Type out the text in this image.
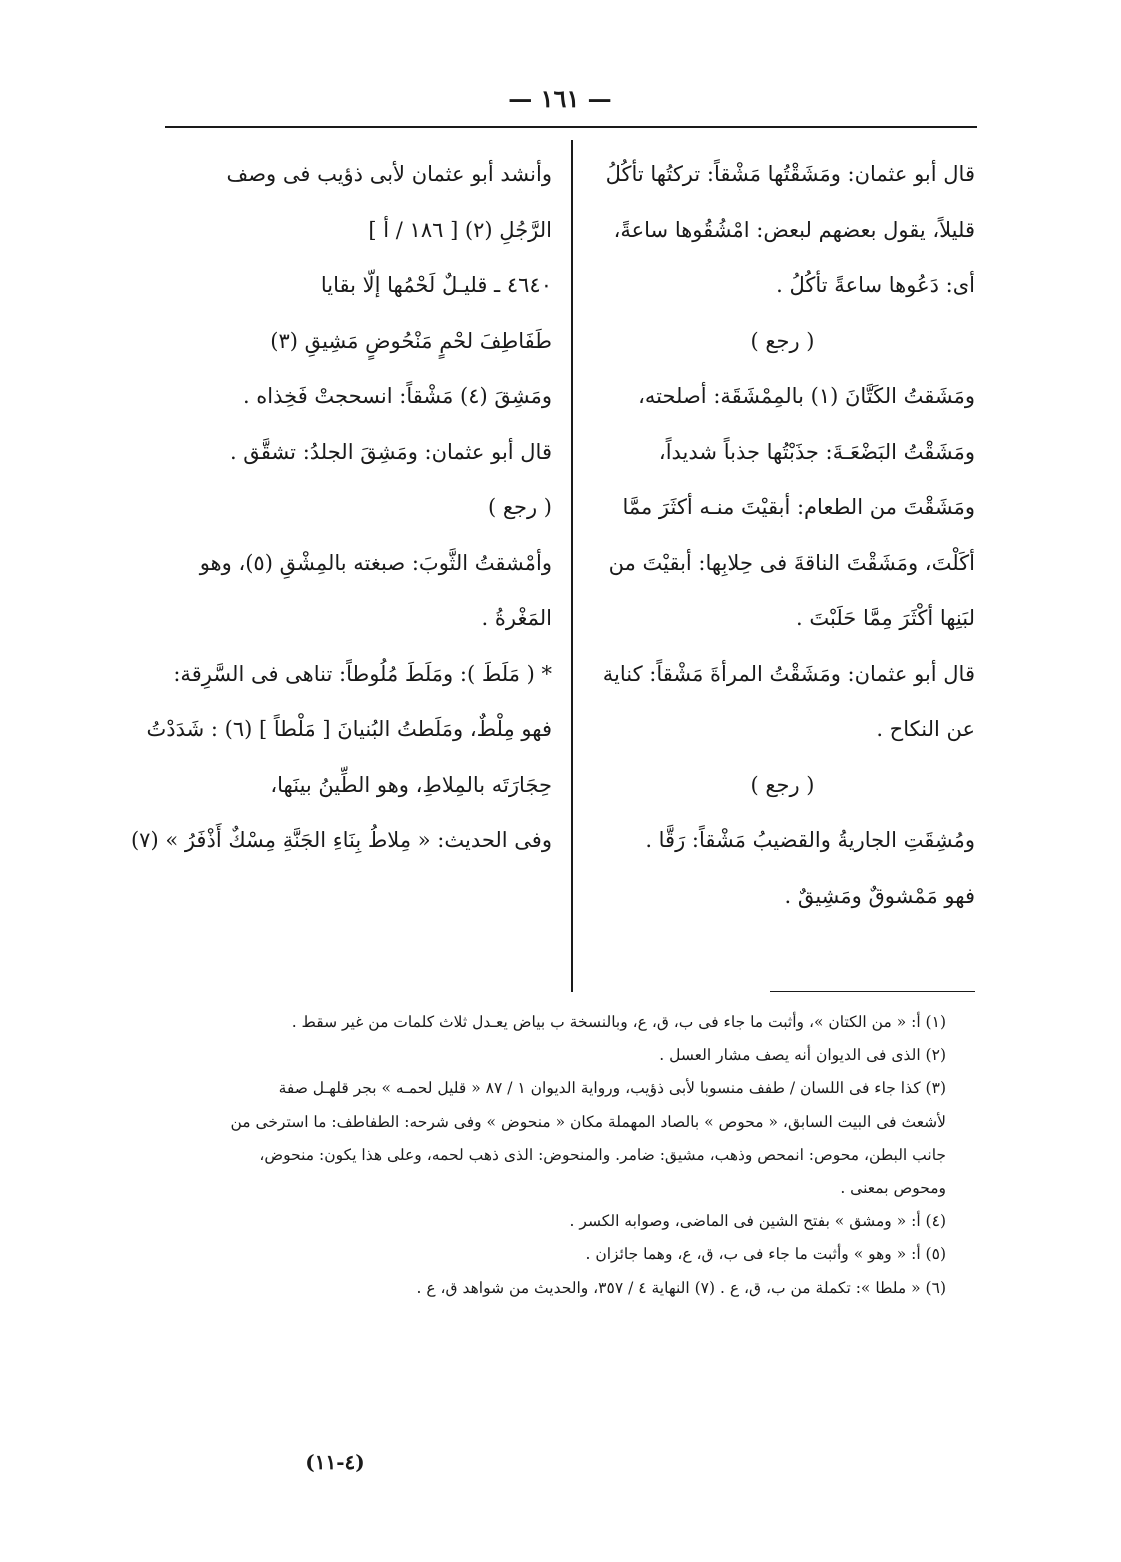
— ١٦١ —
قال أبو عثمان: ومَشَقْتُها مَشْقاً: تركتُها تأكُلُ
قليلاً، يقول بعضهم لبعض: امْشُقُوها ساعةً،
أى: دَعُوها ساعةً تأكُلُ .
( رجع )
ومَشَقتُ الكَتَّانَ (١) بالمِمْشَقَة: أصلحته،
ومَشَقْتُ البَضْعَـةَ: جذَبْتُها جذباً شديداً،
ومَشَقْتَ من الطعام: أبقيْتَ منـه أكثَرَ ممَّا
أكَلْتَ، ومَشَقْتَ الناقةَ فى حِلابِها: أبقيْتَ من
لبَنِها أكْثَرَ مِمَّا حَلَبْتَ .
قال أبو عثمان: ومَشَقْتُ المرأةَ مَشْقاً: كناية
عن النكاح .
( رجع )
ومُشِقَتِ الجاريةُ والقضيبُ مَشْقاً: رَقَّا .
فهو مَمْشوقٌ ومَشِيقٌ .
وأنشد أبو عثمان لأبى ذؤيب فى وصف
الرَّجُلِ (٢) [ ١٨٦ / أ ]
٤٦٤٠ ـ قليـلٌ لَحْمُها إلّا بقايا
طَفَاطِفَ لحْمٍ مَنْحُوضٍ مَشِيقِ (٣)
ومَشِقَ (٤) مَشْقاً: انسحجتْ فَخِذاه .
قال أبو عثمان: ومَشِقَ الجلدُ: تشقَّق .
( رجع )
وأمْشقتُ الثَّوبَ: صبغته بالمِشْقِ (٥)، وهو
المَغْرةُ .
* ( مَلَطَ ): ومَلَطَ مُلُوطاً: تناهى فى السَّرِقة:
فهو مِلْطٌ، ومَلَطتُ البُنيانَ [ مَلْطاً ] (٦) : شَدَدْتُ
حِجَارَتَه بالمِلاطِ، وهو الطِّينُ بينَها،
وفى الحديث: « مِلاطُ بِنَاءِ الجَنَّةِ مِسْكٌ أَذْفَرُ » (٧)
(١) أ: « من الكتان »، وأثبت ما جاء فى ب، ق، ع، وبالنسخة ب بياض يعـدل ثلاث كلمات من غير سقط .
(٢) الذى فى الديوان أنه يصف مشار العسل .
(٣) كذا جاء فى اللسان / طفف منسوبا لأبى ذؤيب، ورواية الديوان ١ / ٨٧ « قليل لحمـه » بجر قلهـل صفة
لأشعث فى البيت السابق، « محوص » بالصاد المهملة مكان « منحوض » وفى شرحه: الطفاطف: ما استرخى من
جانب البطن، محوص: انمحص وذهب، مشيق: ضامر. والمنحوض: الذى ذهب لحمه، وعلى هذا يكون: منحوض،
ومحوص بمعنى .
(٤) أ: « ومشق » بفتح الشين فى الماضى، وصوابه الكسر .
(٥) أ: « وهو » وأثبت ما جاء فى ب، ق، ع، وهما جائزان .
(٦) « ملطا »: تكملة من ب، ق، ع . (٧) النهاية ٤ / ٣٥٧، والحديث من شواهد ق، ع .
(٤-١١)
